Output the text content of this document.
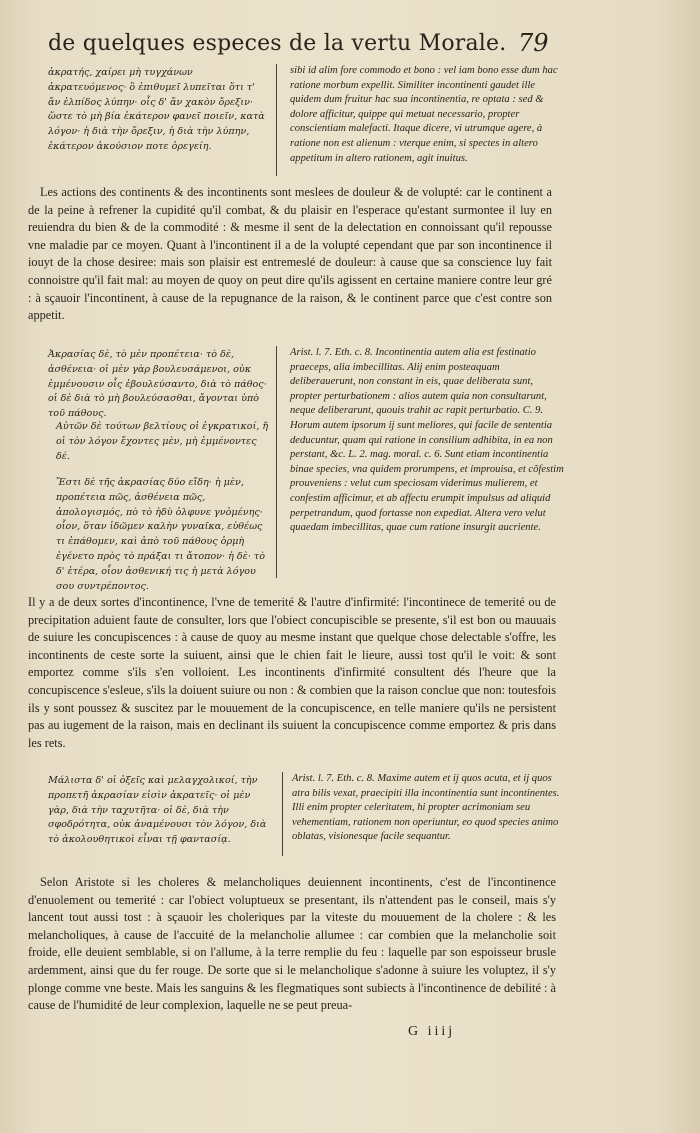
de quelques especes de la vertu Morale. 79
ἀκρατής, χαίρει μὴ τυγχάνων ἀκρατευόμενος· ὃ ἐπιθυμεῖ λυπεῖται ὅτι τ' ἄν ἐλπίδος λύπην· οἷς δ' ἄν χακὸν ὄρεξιν· ὥστε τὸ μὴ βία ἐκάτερον φανεῖ ποιεῖν, κατὰ λόγον· ἡ διὰ τὴν ὄρεξιν, ἡ διὰ τὴν λύπην, ἐκάτερον ἀκούσιον ποτε ὀρεγείη.
sibi id alim fore commodo et bono : vel iam bono esse dum hac ratione morbum expellit. Similiter incontinenti gaudet ille quidem dum fruitur hac sua incontinentia, re optata : sed & dolore afficitur, quippe qui metuat necessario, propter conscientiam malefacti. Itaque dicere, vi utrumque agere, à ratione non est alienum : vterque enim, si spectes in altero appetitum in altero rationem, agit inuitus.

Les actions des continents & des incontinents sont meslees de douleur & de volupté: car le continent a de la peine à refrener la cupidité qu'il combat, & du plaisir en l'esperace qu'estant surmontee il luy en reuiendra du bien & de la commodité : & mesme il sent de la delectation en connoissant qu'il repousse vne maladie par ce moyen. Quant à l'incontinent il a de la volupté cependant que par son incontinence il iouyt de la chose desiree: mais son plaisir est entremeslé de douleur: à cause que sa conscience luy fait connoistre qu'il fait mal: au moyen de quoy on peut dire qu'ils agissent en certaine maniere contre leur gré : à sçauoir l'incontinent, à cause de la repugnance de la raison, & le continent parce que c'est contre son appetit.

Ἀκρασίας δὲ, τὸ μὲν προπέτεια· τὸ δὲ, ἀσθένεια· οἱ μὲν γὰρ βουλευσάμενοι, οὐκ ἐμμένουσιν οἷς ἐβουλεύσαντο, διὰ τὸ πάθος· οἱ δὲ διὰ τὸ μὴ βουλεύσασθαι, ἄγονται ὑπὸ τοῦ πάθους.
Αὐτῶν δὲ τούτων βελτίους οἱ ἐγκρατικοί, ἤ οἱ τὸν λόγον ἔχοντες μὲν, μὴ ἐμμένοντες δέ.
Ἔστι δὲ τῆς ἀκρασίας δύο εἴδη· ἡ μὲν, προπέτεια πῶς, ἀσθένεια πῶς, ἀπολογισμός, πὸ τὸ ἡδὺ ὁλφυνε γνὀμένης· οἷον, ὅταν ἰδῶμεν καλὴν γυναῖκα, εὐθέως τι ἐπάθομεν, καὶ ἀπὸ τοῦ πάθους ὁρμὴ ἐγένετο πρὸς τὸ πράξαι τι ἄτοπον· ἡ δὲ· τὸ δ' ἑτέρα, οἷον ἀσθενική τις ἡ μετὰ λόγου σου συντρέποντος.
Arist. l. 7. Eth. c. 8. Incontinentia autem alia est festinatio praeceps, alia imbecillitas. Alij enim posteaquam deliberauerunt, non constant in eis, quae deliberata sunt, propter perturbationem : alios autem quia non consultarunt, neque deliberarunt, quouis trahit ac rapit perturbatio. C. 9. Horum autem ipsorum ij sunt meliores, qui facile de sententia deducuntur, quam qui ratione in consilium adhibita, in ea non perstant, &c. L. 2. mag. moral. c. 6. Sunt etiam incontinentia binae species, vna quidem prorumpens, et improuisa, et cõfestim prouveniens : velut cum speciosam viderimus mulierem, et confestim afficimur, et ab affectu erumpit impulsus ad aliquid perpetrandum, quod fortasse non expediat. Altera vero velut quaedam imbecillitas, quae cum ratione insurgit aucriente.

Il y a de deux sortes d'incontinence, l'vne de temerité & l'autre d'infirmité: l'incontinece de temerité ou de precipitation aduient faute de consulter, lors que l'obiect concupiscible se presente, s'il est bon ou mauuais de suiure les concupiscences : à cause de quoy au mesme instant que quelque chose delectable s'offre, les incontinents de ceste sorte la suiuent, ainsi que le chien fait le lieure, aussi tost qu'il le voit: & sont emportez comme s'ils s'en volloient. Les incontinents d'infirmité consultent dés l'heure que la concupiscence s'esleue, s'ils la doiuent suiure ou non : & combien que la raison conclue que non: toutesfois ils y sont poussez & suscitez par le mouuement de la concupiscence, en telle maniere qu'ils ne persistent pas au iugement de la raison, mais en declinant ils suiuent la concupiscence comme emportez & pris dans les rets.

Μάλιστα δ' οἱ ὀξεῖς καὶ μελαγχολικοί, τὴν προπετῆ ἀκρασίαν εἰσὶν ἀκρατεῖς· οἱ μὲν γὰρ, διὰ τὴν ταχυτῆτα· οἱ δὲ, διὰ τὴν σφοδρότητα, οὐκ ἀναμένουσι τὸν λόγον, διὰ τὸ ἀκολουθητικοὶ εἶναι τῇ φαντασίᾳ.
Arist. l. 7. Eth. c. 8. Maxime autem et ij quos acuta, et ij quos atra bilis vexat, praecipiti illa incontinentia sunt incontinentes. Illi enim propter celeritatem, hi propter acrimoniam seu vehementiam, rationem non operiuntur, eo quod species animo oblatas, visionesque facile sequantur.

Selon Aristote si les choleres & melancholiques deuiennent incontinents, c'est de l'incontinence d'enuolement ou temerité : car l'obiect voluptueux se presentant, ils n'attendent pas le conseil, mais s'y lancent tout aussi tost : à sçauoir les choleriques par la viteste du mouuement de la cholere : & les melancholiques, à cause de l'accuité de la melancholie allumee : car combien que la melancholie soit froide, elle deuient semblable, si on l'allume, à la terre remplie du feu : laquelle par son espoisseur brusle ardemment, ainsi que du fer rouge. De sorte que si le melancholique s'adonne à suiure les voluptez, il s'y plonge comme vne beste. Mais les sanguins & les flegmatiques sont subiects à l'incontinence de debilité : à cause de l'humidité de leur complexion, laquelle ne se peut preua-

G iiij
